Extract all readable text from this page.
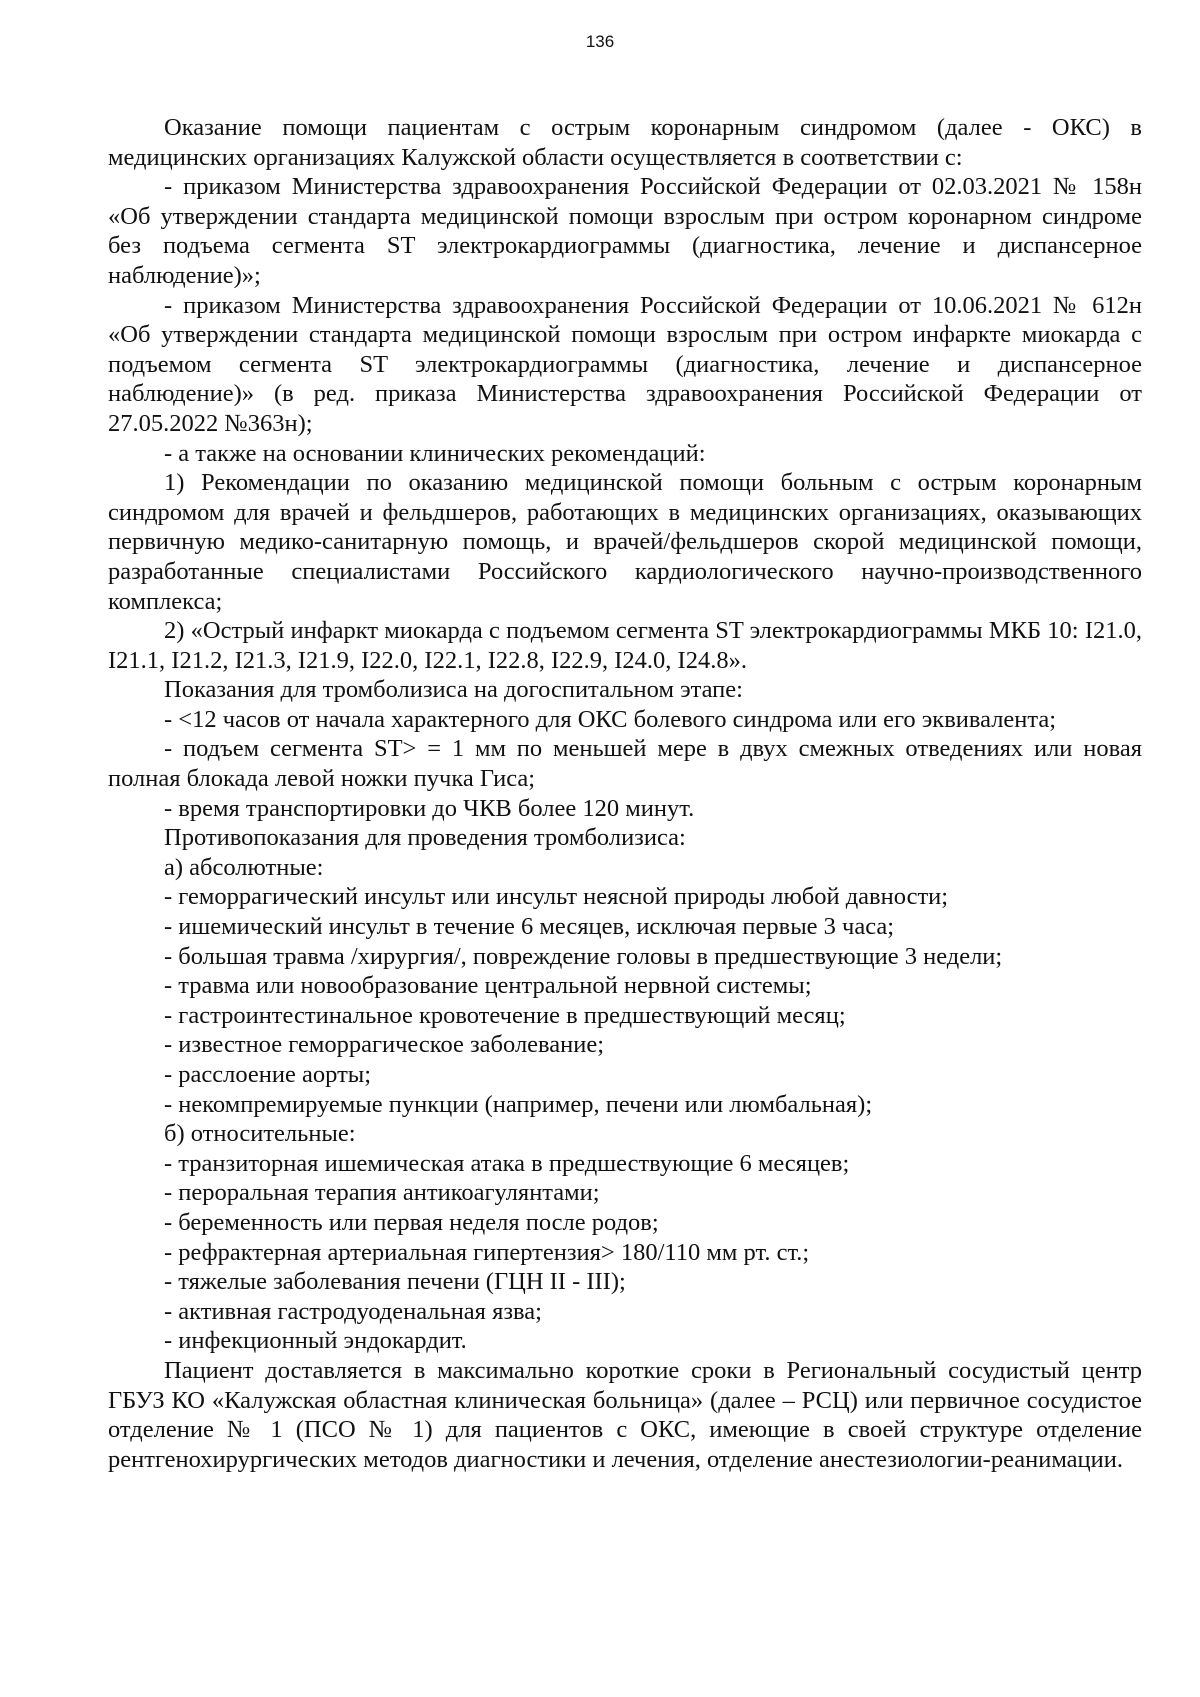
136

Оказание помощи пациентам с острым коронарным синдромом (далее - ОКС) в медицинских организациях Калужской области осуществляется в соответствии с:

- приказом Министерства здравоохранения Российской Федерации от 02.03.2021 № 158н «Об утверждении стандарта медицинской помощи взрослым при остром коронарном синдроме без подъема сегмента ST электрокардиограммы (диагностика, лечение и диспансерное наблюдение)»;

- приказом Министерства здравоохранения Российской Федерации от 10.06.2021 № 612н «Об утверждении стандарта медицинской помощи взрослым при остром инфаркте миокарда с подъемом сегмента ST электрокардиограммы (диагностика, лечение и диспансерное наблюдение)» (в ред. приказа Министерства здравоохранения Российской Федерации от 27.05.2022 №363н);

- а также на основании клинических рекомендаций:

1) Рекомендации по оказанию медицинской помощи больным с острым коронарным синдромом для врачей и фельдшеров, работающих в медицинских организациях, оказывающих первичную медико-санитарную помощь, и врачей/фельдшеров скорой медицинской помощи, разработанные специалистами Российского кардиологического научно-производственного комплекса;

2) «Острый инфаркт миокарда с подъемом сегмента ST электрокардиограммы МКБ 10: I21.0, I21.1, I21.2, I21.3, I21.9, I22.0, I22.1, I22.8, I22.9, I24.0, I24.8».

Показания для тромболизиса на догоспитальном этапе:

- <12 часов от начала характерного для ОКС болевого синдрома или его эквивалента;

- подъем сегмента ST> = 1 мм по меньшей мере в двух смежных отведениях или новая полная блокада левой ножки пучка Гиса;

- время транспортировки до ЧКВ более 120 минут.

Противопоказания для проведения тромболизиса:

а) абсолютные:

- геморрагический инсульт или инсульт неясной природы любой давности;

- ишемический инсульт в течение 6 месяцев, исключая первые 3 часа;

- большая травма /хирургия/, повреждение головы в предшествующие 3 недели;

- травма или новообразование центральной нервной системы;

- гастроинтестинальное кровотечение в предшествующий месяц;

- известное геморрагическое заболевание;

- расслоение аорты;

- некомпремируемые пункции (например, печени или люмбальная);

б) относительные:

- транзиторная ишемическая атака в предшествующие 6 месяцев;

- пероральная терапия антикоагулянтами;

- беременность или первая неделя после родов;

- рефрактерная артериальная гипертензия> 180/110 мм рт. ст.;

- тяжелые заболевания печени (ГЦН II - III);

- активная гастродуоденальная язва;

- инфекционный эндокардит.

Пациент доставляется в максимально короткие сроки в Региональный сосудистый центр ГБУЗ КО «Калужская областная клиническая больница» (далее – РСЦ) или первичное сосудистое отделение № 1 (ПСО № 1) для пациентов с ОКС, имеющие в своей структуре отделение рентгенохирургических методов диагностики и лечения, отделение анестезиологии-реанимации.
